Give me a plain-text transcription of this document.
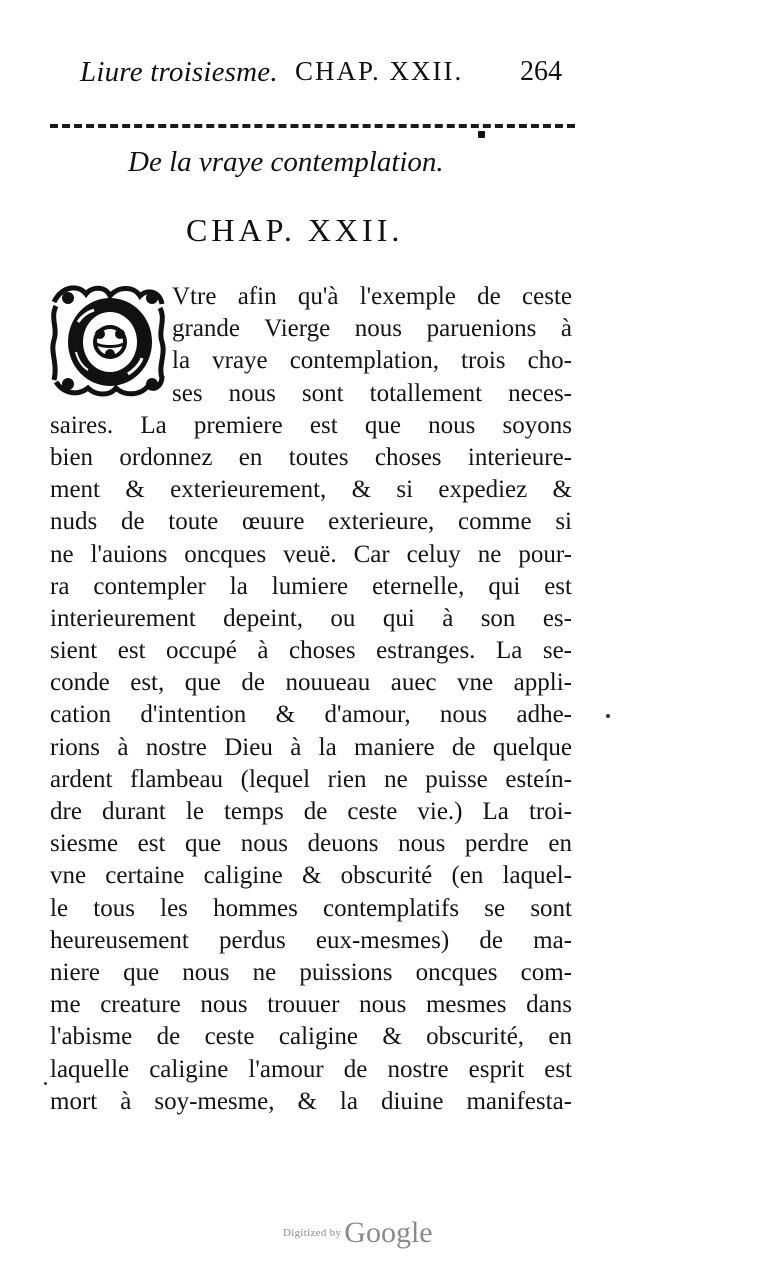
Liure troisiesme. CHAP. XXII. 264
De la vraye contemplation.
CHAP. XXII.
Vtre afin qu'à l'exemple de ceste
grande Vierge nous paruenions à
la vraye contemplation, trois cho-
ses nous sont totallement neces-
saires. La premiere est que nous soyons
bien ordonnez en toutes choses interieure-
ment & exterieurement, & si expediez &
nuds de toute œuure exterieure, comme si
ne l'auions oncques veuë. Car celuy ne pour-
ra contempler la lumiere eternelle, qui est
interieurement depeint, ou qui à son es-
sient est occupé à choses estranges. La se-
conde est, que de nouueau auec vne appli-
cation d'intention & d'amour, nous adhe-
rions à nostre Dieu à la maniere de quelque
ardent flambeau (lequel rien ne puisse esteín-
dre durant le temps de ceste vie.) La troi-
siesme est que nous deuons nous perdre en
vne certaine caligine & obscurité (en laquel-
le tous les hommes contemplatifs se sont
heureusement perdus eux-mesmes) de ma-
niere que nous ne puissions oncques com-
me creature nous trouuer nous mesmes dans
l'abisme de ceste caligine & obscurité, en
laquelle caligine l'amour de nostre esprit est
mort à soy-mesme, & la diuine manifesta-
Digitized by Google
